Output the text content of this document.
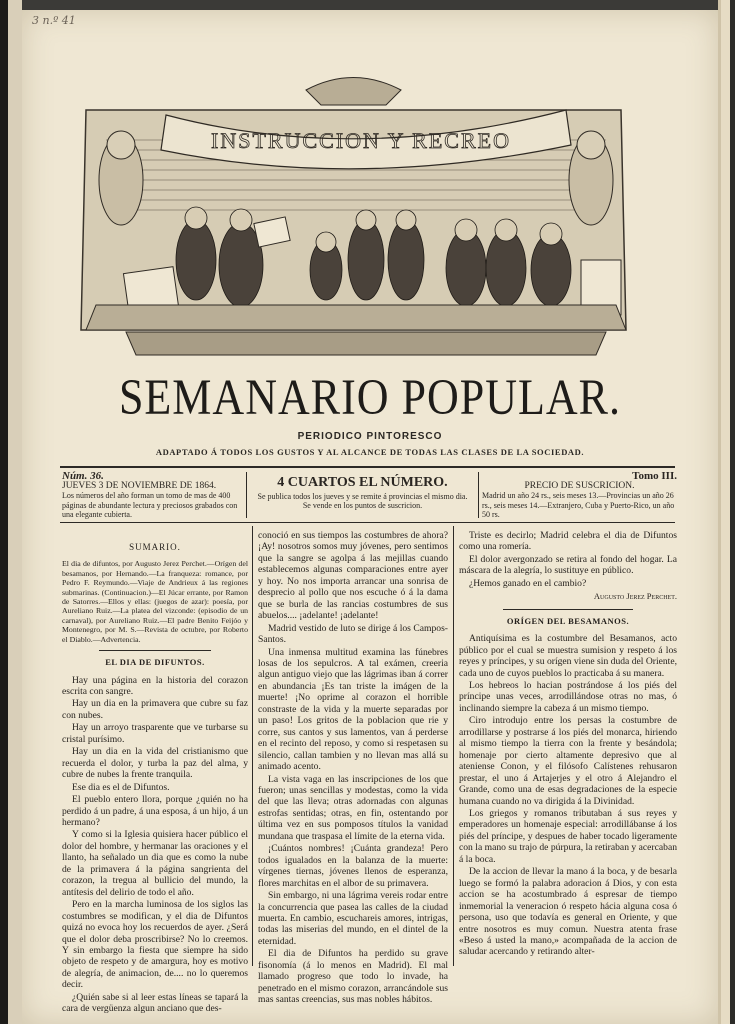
3 n.º 41
INSTRUCCION Y RECREO
SEMANARIO POPULAR.
PERIODICO PINTORESCO
ADAPTADO Á TODOS LOS GUSTOS Y AL ALCANCE DE TODAS LAS CLASES DE LA SOCIEDAD.
Núm. 36.
JUEVES 3 DE NOVIEMBRE DE 1864.
Los números del año forman un tomo de mas de 400 páginas de abundante lectura y preciosos grabados con una elegante cubierta.
4 CUARTOS EL NÚMERO.
Se publica todos los jueves y se remite á provincias el mismo dia.
Se vende en los puntos de suscricion.
Tomo III.
PRECIO DE SUSCRICION.
Madrid un año 24 rs., seis meses 13.—Provincias un año 26 rs., seis meses 14.—Extranjero, Cuba y Puerto-Rico, un año 50 rs.

SUMARIO.

El dia de difuntos, por Augusto Jerez Perchet.—Orígen del besamanos, por Hernando.—La franqueza: romance, por Pedro F. Reymundo.—Viaje de Andrieux á las regiones submarinas. (Continuacion.)—El Júcar errante, por Ramon de Satorres.—Ellos y ellas: (juegos de azar): poesía, por Aureliano Ruiz.—La platea del vizconde: (episodio de un carnaval), por Aureliano Ruiz.—El padre Benito Feijóo y Montenegro, por M. S.—Revista de octubre, por Roberto el Diablo.—Advertencia.

EL DIA DE DIFUNTOS.

Hay una página en la historia del corazon escrita con sangre.

Hay un dia en la primavera que cubre su faz con nubes.

Hay un arroyo trasparente que ve turbarse su cristal purísimo.

Hay un dia en la vida del cristianismo que recuerda el dolor, y turba la paz del alma, y cubre de nubes la frente tranquila.

Ese dia es el de Difuntos.

El pueblo entero llora, porque ¿quién no ha perdido á un padre, á una esposa, á un hijo, á un hermano?

Y como si la Iglesia quisiera hacer público el dolor del hombre, y hermanar las oraciones y el llanto, ha señalado un dia que es como la nube de la primavera á la página sangrienta del corazon, la tregua al bullicio del mundo, la antítesis del delirio de todo el año.

Pero en la marcha luminosa de los siglos las costumbres se modifican, y el dia de Difuntos quizá no evoca hoy los recuerdos de ayer. ¿Será que el dolor deba proscribirse? No lo creemos. Y sin embargo la fiesta que siempre ha sido objeto de respeto y de amargura, hoy es motivo de alegría, de animacion, de.... no lo queremos decir.

¿Quién sabe si al leer estas líneas se tapará la cara de vergüenza algun anciano que des-

conoció en sus tiempos las costumbres de ahora? ¡Ay! nosotros somos muy jóvenes, pero sentimos que la sangre se agolpa á las mejillas cuando establecemos algunas comparaciones entre ayer y hoy. No nos importa arrancar una sonrisa de desprecio al pollo que nos escuche ó á la dama que se burla de las rancias costumbres de sus abuelos.... ¡adelante! ¡adelante!

Madrid vestido de luto se dirige á los Campos-Santos.

Una inmensa multitud examina las fúnebres losas de los sepulcros. A tal exámen, creeria algun antiguo viejo que las lágrimas iban á correr en abundancia ¡Es tan triste la imágen de la muerte! ¡No oprime al corazon el horrible constraste de la vida y la muerte separadas por un paso! Los gritos de la poblacion que rie y corre, sus cantos y sus lamentos, van á perderse en el recinto del reposo, y como si respetasen su silencio, callan tambien y no llevan mas allá su animado acento.

La vista vaga en las inscripciones de los que fueron; unas sencillas y modestas, como la vida del que las lleva; otras adornadas con algunas estrofas sentidas; otras, en fin, ostentando por última vez en sus pomposos títulos la vanidad mundana que traspasa el límite de la eterna vida.

¡Cuántos nombres! ¡Cuánta grandeza! Pero todos igualados en la balanza de la muerte: vírgenes tiernas, jóvenes llenos de esperanza, flores marchitas en el albor de su primavera.

Sin embargo, ni una lágrima vereis rodar entre la concurrencia que pasea las calles de la ciudad muerta. En cambio, escuchareis amores, intrigas, todas las miserias del mundo, en el dintel de la eternidad.

El dia de Difuntos ha perdido su grave fisonomía (á lo menos en Madrid). El mal llamado progreso que todo lo invade, ha penetrado en el mismo corazon, arrancándole sus mas santas creencias, sus mas nobles hábitos.

Triste es decirlo; Madrid celebra el dia de Difuntos como una romería.

El dolor avergonzado se retira al fondo del hogar. La máscara de la alegría, lo sustituye en público.

¿Hemos ganado en el cambio?

Augusto Jerez Perchet.

ORÍGEN DEL BESAMANOS.

Antiquísima es la costumbre del Besamanos, acto público por el cual se muestra sumision y respeto á los reyes y príncipes, y su orígen viene sin duda del Oriente, cada uno de cuyos pueblos lo practicaba á su manera.

Los hebreos lo hacian postrándose á los piés del príncipe unas veces, arrodillándose otras no mas, ó inclinando siempre la cabeza á un mismo tiempo.

Ciro introdujo entre los persas la costumbre de arrodillarse y postrarse á los piés del monarca, hiriendo al mismo tiempo la tierra con la frente y besándola; homenaje por cierto altamente depresivo que al ateniense Conon, y el filósofo Calístenes rehusaron prestar, el uno á Artajerjes y el otro á Alejandro el Grande, como una de esas degradaciones de la especie humana cuando no va dirigida á la Divinidad.

Los griegos y romanos tributaban á sus reyes y emperadores un homenaje especial: arrodillábanse á los piés del príncipe, y despues de haber tocado ligeramente con la mano su trajo de púrpura, la retiraban y acercaban á la boca.

De la accion de llevar la mano á la boca, y de besarla luego se formó la palabra adoracion á Dios, y con esta accion se ha acostumbrado á espresar de tiempo inmemorial la veneracion ó respeto hácia alguna cosa ó persona, uso que todavía es general en Oriente, y que entre nosotros es muy comun. Nuestra atenta frase «Beso á usted la mano,» acompañada de la accion de saludar acercando y retirando alter-
